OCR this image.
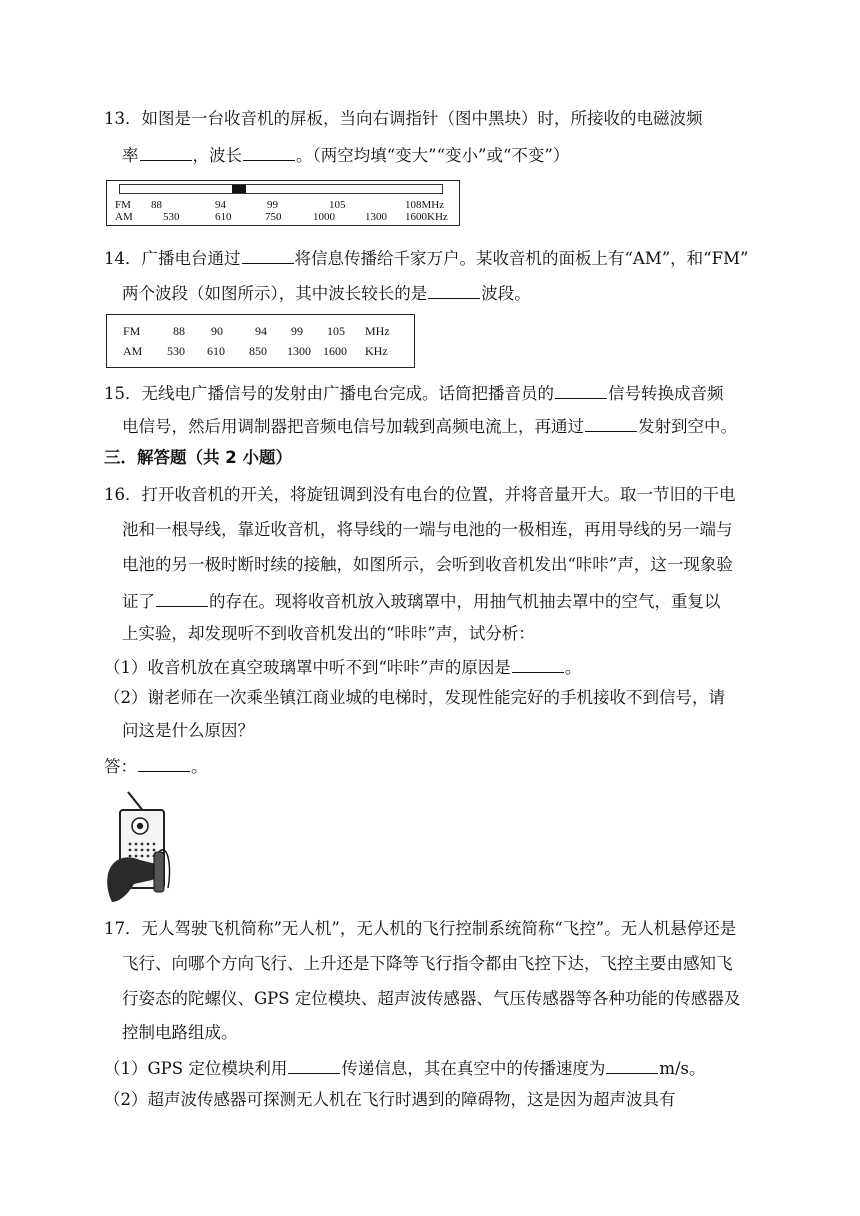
13．如图是一台收音机的屏板，当向右调指针（图中黑块）时，所接收的电磁波频
率	，波长	。（两空均填“变大”“变小”或“不变”）
FM 88	94	99	105	108MHz
AM	530	610	750	1000	1300 1600KHz
14．广播电台通过	将信息传播给千家万户。某收音机的面板上有“AM”，和“FM”
两个波段（如图所示），其中波长较长的是	波段。
FM	88 90	94 99 105 MHz
AM 530 610 850 1300 1600 KHz
15．无线电广播信号的发射由广播电台完成。话筒把播音员的	信号转换成音频
电信号，然后用调制器把音频电信号加载到高频电流上，再通过	发射到空中。
三．解答题（共 2 小题）
16．打开收音机的开关，将旋钮调到没有电台的位置，并将音量开大。取一节旧的干电
池和一根导线，靠近收音机，将导线的一端与电池的一极相连，再用导线的另一端与
电池的另一极时断时续的接触，如图所示，会听到收音机发出“咔咔”声，这一现象验
证了	的存在。现将收音机放入玻璃罩中，用抽气机抽去罩中的空气，重复以
上实验，却发现听不到收音机发出的“咔咔”声，试分析：
（1）收音机放在真空玻璃罩中听不到“咔咔”声的原因是	。
（2）谢老师在一次乘坐镇江商业城的电梯时，发现性能完好的手机接收不到信号，请
问这是什么原因？
答：	。
17．无人驾驶飞机简称”无人机”，无人机的飞行控制系统简称“飞控”。无人机悬停还是
飞行、向哪个方向飞行、上升还是下降等飞行指令都由飞控下达，飞控主要由感知飞
行姿态的陀螺仪、GPS 定位模块、超声波传感器、气压传感器等各种功能的传感器及
控制电路组成。
（1）GPS 定位模块利用	传递信息，其在真空中的传播速度为	m/s。
（2）超声波传感器可探测无人机在飞行时遇到的障碍物，这是因为超声波具有
